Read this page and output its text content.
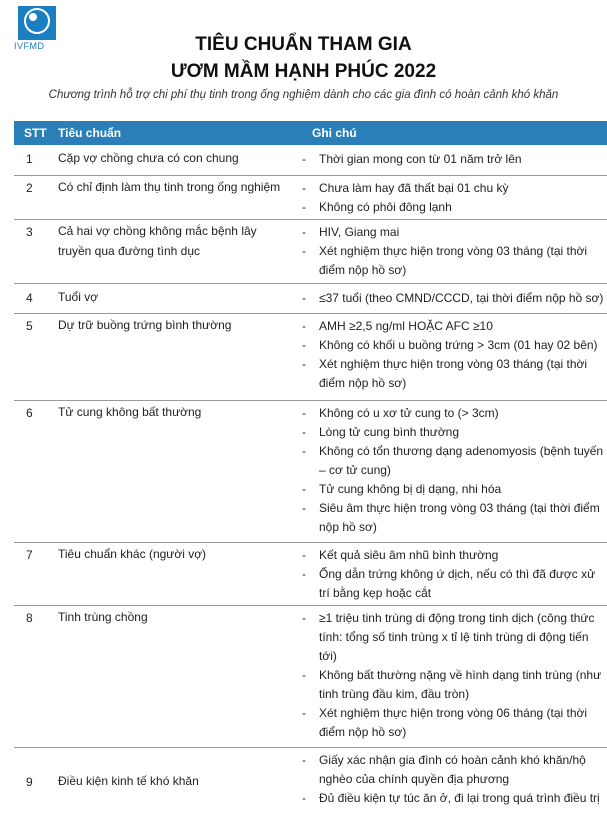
IVFMD	TIÊU CHUẨN THAM GIA
ƯƠM MẦM HẠNH PHÚC 2022
Chương trình hỗ trợ chi phí thụ tinh trong ống nghiệm dành cho các gia đình có hoàn cảnh khó khăn
STT Tiêu chuẩn	Ghi chú
1 Cặp vợ chồng chưa có con chung	- Thời gian mong con từ 01 năm trở lên
2 Có chỉ định làm thụ tinh trong ống nghiệm	- Chưa làm hay đã thất bại 01 chu kỳ
- Không có phôi đông lạnh
3 Cả hai vợ chồng không mắc bệnh lây truyền qua đường tình dục
- HIV, Giang mai
- Xét nghiệm thực hiện trong vòng 03 tháng (tại thời điểm nộp hồ sơ)
4 Tuổi vợ	- ≤37 tuổi (theo CMND/CCCD, tại thời điểm nộp hồ sơ)
5 Dự trữ buồng trứng bình thường	- AMH ≥2,5 ng/ml HOẶC AFC ≥10
- Không có khối u buồng trứng > 3cm (01 hay 02 bên)
- Xét nghiệm thực hiện trong vòng 03 tháng (tại thời điểm nộp hồ sơ)
6 Tử cung không bất thường	- Không có u xơ tử cung to (> 3cm)
- Lòng tử cung bình thường
- Không có tổn thương dạng adenomyosis (bệnh tuyến – cơ tử cung)
- Tử cung không bị dị dạng, nhi hóa
- Siêu âm thực hiện trong vòng 03 tháng (tại thời điểm nộp hồ sơ)
7 Tiêu chuẩn khác (người vợ)	- Kết quả siêu âm nhũ bình thường
- Ống dẫn trứng không ứ dịch, nếu có thì đã được xử trí bằng kẹp hoặc cắt
8 Tinh trùng chồng	- ≥1 triệu tinh trùng di động trong tinh dịch (công thức tính: tổng số tinh trùng x tỉ lệ tinh trùng di động tiến tới)
- Không bất thường nặng về hình dạng tinh trùng (như tinh trùng đầu kim, đầu tròn)
- Xét nghiệm thực hiện trong vòng 06 tháng (tại thời điểm nộp hồ sơ)
9 Điều kiện kinh tế khó khăn
- Giấy xác nhận gia đình có hoàn cảnh khó khăn/hộ nghèo của chính quyền địa phương
- Đủ điều kiện tự túc ăn ở, đi lại trong quá trình điều trị
